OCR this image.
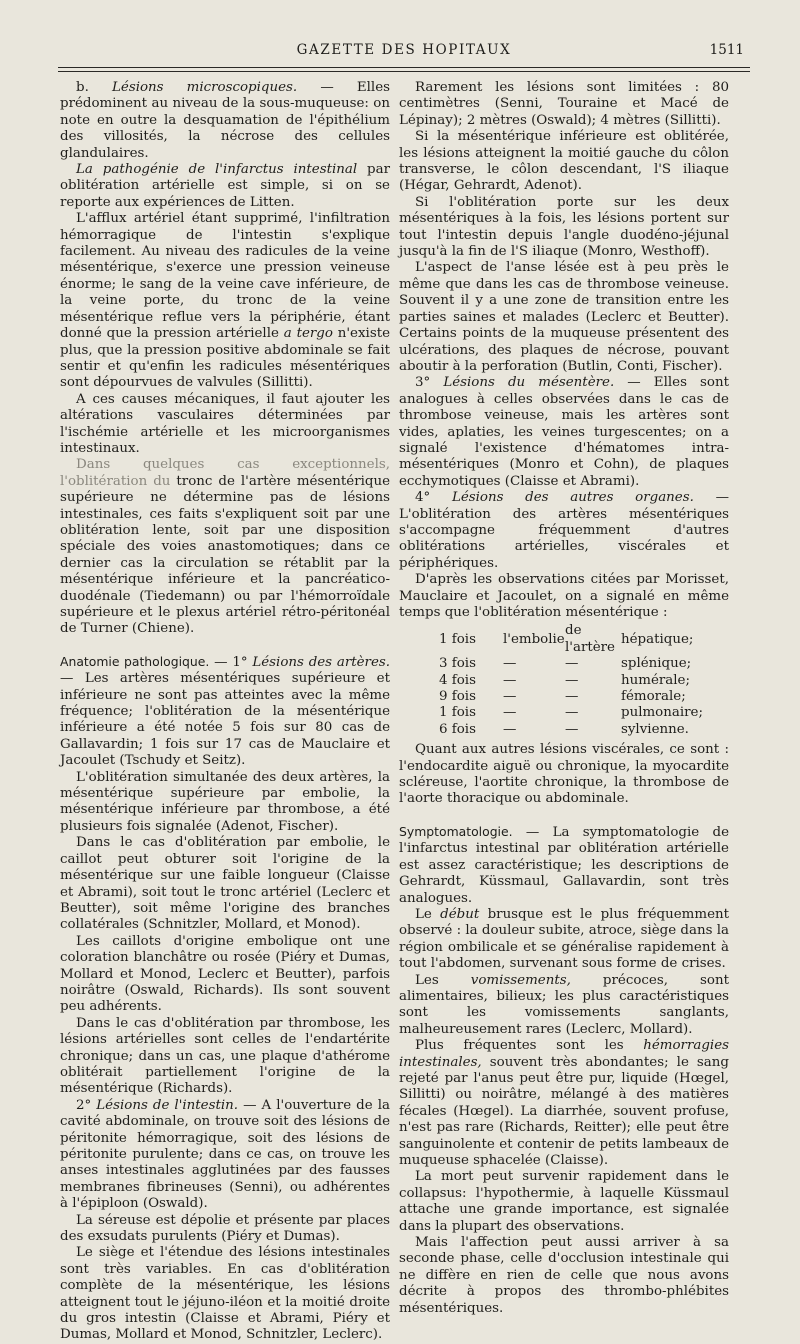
GAZETTE DES HOPITAUX	1511

b. Lésions microscopiques. — Elles prédominent au niveau de la sous-muqueuse: on note en outre la desquamation de l'épithélium des villosités, la nécrose des cellules glandulaires.

La pathogénie de l'infarctus intestinal par oblitération artérielle est simple, si on se reporte aux expériences de Litten.

L'afflux artériel étant supprimé, l'infiltration hémorragique de l'intestin s'explique facilement. Au niveau des radicules de la veine mésentérique, s'exerce une pression veineuse énorme; le sang de la veine cave inférieure, de la veine porte, du tronc de la veine mésentérique reflue vers la périphérie, étant donné que la pression artérielle a tergo n'existe plus, que la pression positive abdominale se fait sentir et qu'enfin les radicules mésentériques sont dépourvues de valvules (Sillitti).

A ces causes mécaniques, il faut ajouter les altérations vasculaires déterminées par l'ischémie artérielle et les microorganismes intestinaux.

Dans quelques cas exceptionnels, l'oblitération du tronc de l'artère mésentérique supérieure ne détermine pas de lésions intestinales, ces faits s'expliquent soit par une oblitération lente, soit par une disposition spéciale des voies anastomotiques; dans ce dernier cas la circulation se rétablit par la mésentérique inférieure et la pancréatico-duodénale (Tiedemann) ou par l'hémorroïdale supérieure et le plexus artériel rétro-péritonéal de Turner (Chiene).

Anatomie pathologique. — 1° Lésions des artères. — Les artères mésentériques supérieure et inférieure ne sont pas atteintes avec la même fréquence; l'oblitération de la mésentérique inférieure a été notée 5 fois sur 80 cas de Gallavardin; 1 fois sur 17 cas de Mauclaire et Jacoulet (Tschudy et Seitz).

L'oblitération simultanée des deux artères, la mésentérique supérieure par embolie, la mésentérique inférieure par thrombose, a été plusieurs fois signalée (Adenot, Fischer).

Dans le cas d'oblitération par embolie, le caillot peut obturer soit l'origine de la mésentérique sur une faible longueur (Claisse et Abrami), soit tout le tronc artériel (Leclerc et Beutter), soit même l'origine des branches collatérales (Schnitzler, Mollard, et Monod).

Les caillots d'origine embolique ont une coloration blanchâtre ou rosée (Piéry et Dumas, Mollard et Monod, Leclerc et Beutter), parfois noirâtre (Oswald, Richards). Ils sont souvent peu adhérents.

Dans le cas d'oblitération par thrombose, les lésions artérielles sont celles de l'endartérite chronique; dans un cas, une plaque d'athérome oblitérait partiellement l'origine de la mésentérique (Richards).

2° Lésions de l'intestin. — A l'ouverture de la cavité abdominale, on trouve soit des lésions de péritonite hémorragique, soit des lésions de péritonite purulente; dans ce cas, on trouve les anses intestinales agglutinées par des fausses membranes fibrineuses (Senni), ou adhérentes à l'épiploon (Oswald).

La séreuse est dépolie et présente par places des exsudats purulents (Piéry et Dumas).

Le siège et l'étendue des lésions intestinales sont très variables. En cas d'oblitération complète de la mésentérique, les lésions atteignent tout le jéjuno-iléon et la moitié droite du gros intestin (Claisse et Abrami, Piéry et Dumas, Mollard et Monod, Schnitzler, Leclerc).

Rarement les lésions sont limitées : 80 centimètres (Senni, Touraine et Macé de Lépinay); 2 mètres (Oswald); 4 mètres (Sillitti).

Si la mésentérique inférieure est oblitérée, les lésions atteignent la moitié gauche du côlon transverse, le côlon descendant, l'S iliaque (Hégar, Gehrardt, Adenot).

Si l'oblitération porte sur les deux mésentériques à la fois, les lésions portent sur tout l'intestin depuis l'angle duodéno-jéjunal jusqu'à la fin de l'S iliaque (Monro, Westhoff).

L'aspect de l'anse lésée est à peu près le même que dans les cas de thrombose veineuse. Souvent il y a une zone de transition entre les parties saines et malades (Leclerc et Beutter). Certains points de la muqueuse présentent des ulcérations, des plaques de nécrose, pouvant aboutir à la perforation (Butlin, Conti, Fischer).

3° Lésions du mésentère. — Elles sont analogues à celles observées dans le cas de thrombose veineuse, mais les artères sont vides, aplaties, les veines turgescentes; on a signalé l'existence d'hématomes intra-mésentériques (Monro et Cohn), de plaques ecchymotiques (Claisse et Abrami).

4° Lésions des autres organes. — L'oblitération des artères mésentériques s'accompagne fréquemment d'autres oblitérations artérielles, viscérales et périphériques.

D'après les observations citées par Morisset, Mauclaire et Jacoulet, on a signalé en même temps que l'oblitération mésentérique :

1 fois	l'embolie	de l'artère	hépatique;
3 fois	—	—	splénique;
4 fois	—	—	humérale;
9 fois	—	—	fémorale;
1 fois	—	—	pulmonaire;
6 fois	—	—	sylvienne.

Quant aux autres lésions viscérales, ce sont : l'endocardite aiguë ou chronique, la myocardite scléreuse, l'aortite chronique, la thrombose de l'aorte thoracique ou abdominale.

Symptomatologie. — La symptomatologie de l'infarctus intestinal par oblitération artérielle est assez caractéristique; les descriptions de Gehrardt, Küssmaul, Gallavardin, sont très analogues.

Le début brusque est le plus fréquemment observé : la douleur subite, atroce, siège dans la région ombilicale et se généralise rapidement à tout l'abdomen, survenant sous forme de crises.

Les vomissements, précoces, sont alimentaires, bilieux; les plus caractéristiques sont les vomissements sanglants, malheureusement rares (Leclerc, Mollard).

Plus fréquentes sont les hémorragies intestinales, souvent très abondantes; le sang rejeté par l'anus peut être pur, liquide (Hœgel, Sillitti) ou noirâtre, mélangé à des matières fécales (Hœgel). La diarrhée, souvent profuse, n'est pas rare (Richards, Reitter); elle peut être sanguinolente et contenir de petits lambeaux de muqueuse sphacelée (Claisse).

La mort peut survenir rapidement dans le collapsus: l'hypothermie, à laquelle Küssmaul attache une grande importance, est signalée dans la plupart des observations.

Mais l'affection peut aussi arriver à sa seconde phase, celle d'occlusion intestinale qui ne diffère en rien de celle que nous avons décrite à propos des thrombo-phlébites mésentériques.
